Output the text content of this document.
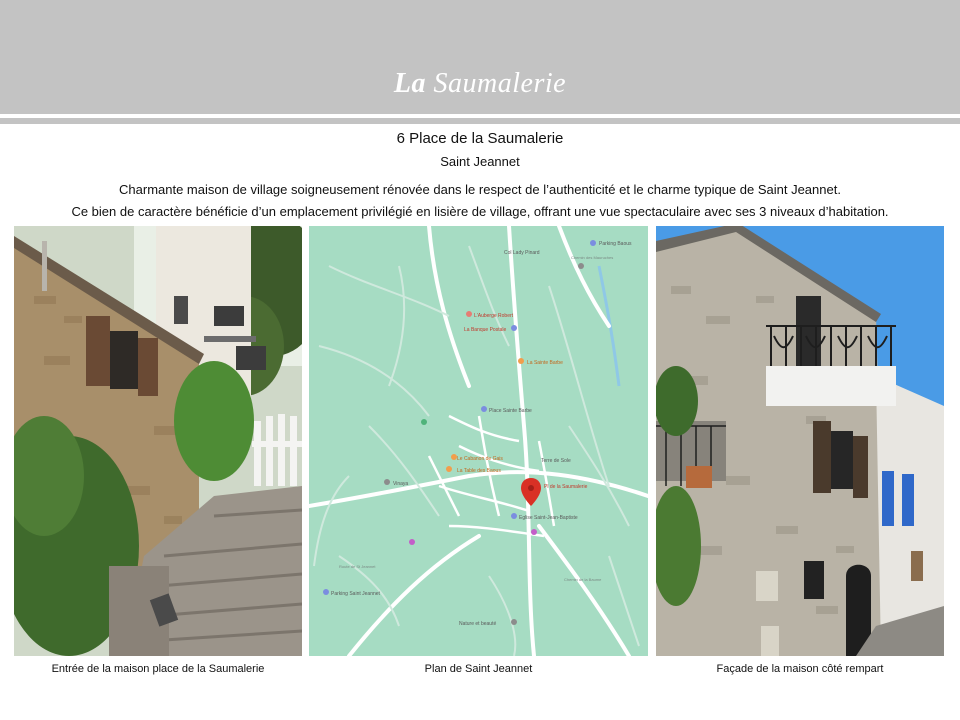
La Saumalerie
6 Place de la Saumalerie
Saint Jeannet
Charmante maison de village soigneusement rénovée dans le respect de l’authenticité et le charme typique de Saint Jeannet.
Ce bien de caractère bénéficie d’un emplacement privilégié en lisière de village, offrant une vue spectaculaire avec ses 3 niveaux d’habitation.
Parking Baous
Chemin des Mauruches
Col Lady Pinard
L'Auberge Robert
La Banque Postale
La Sainte Barbe
Place Sainte Barbe
Terre de Sole
Le Cabanon de Gais
La Table des Baous
Vinaya	Pl de la Saumalerie
Eglise Saint-Jean-Baptiste
Parking Saint Jeannet
Nature et beauté
Route de St Jeannet
Chemin de la Baume
Entrée de la maison place de la Saumalerie	Plan de Saint Jeannet	Façade de la maison côté rempart
